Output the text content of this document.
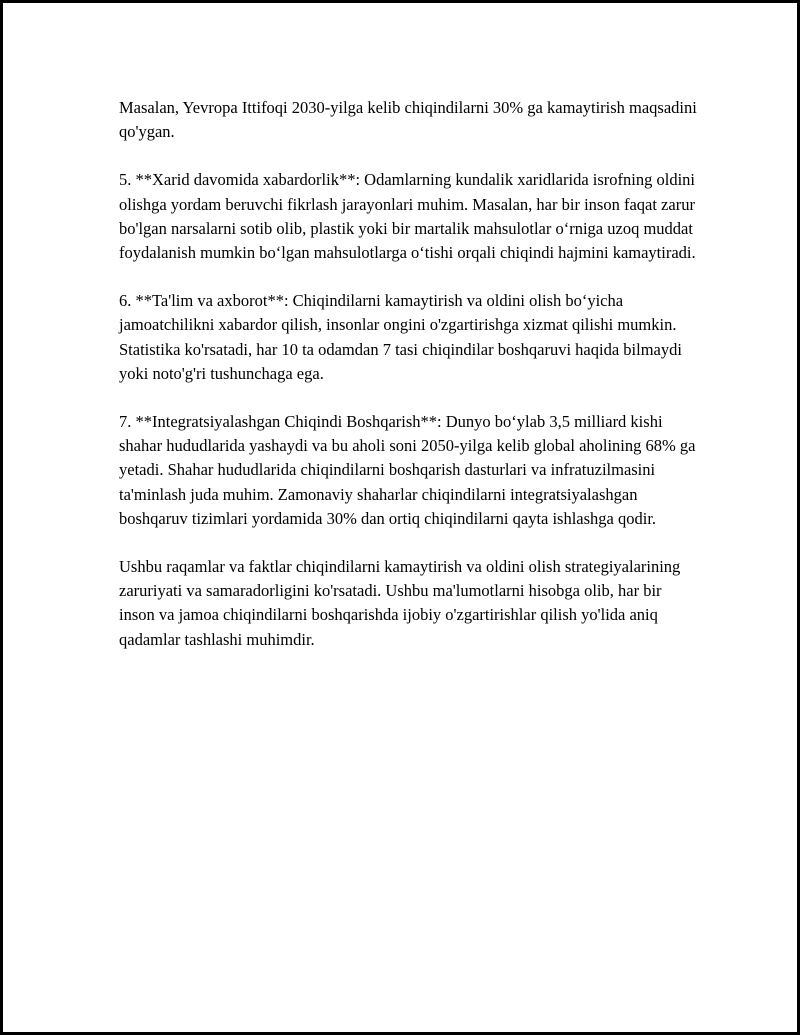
Masalan, Yevropa Ittifoqi 2030-yilga kelib chiqindilarni 30% ga kamaytirish maqsadini qo'ygan.

5. **Xarid davomida xabardorlik**: Odamlarning kundalik xaridlarida isrofning oldini olishga yordam beruvchi fikrlash jarayonlari muhim. Masalan, har bir inson faqat zarur bo'lgan narsalarni sotib olib, plastik yoki bir martalik mahsulotlar o‘rniga uzoq muddat foydalanish mumkin bo‘lgan mahsulotlarga o‘tishi orqali chiqindi hajmini kamaytiradi.

6. **Ta'lim va axborot**: Chiqindilarni kamaytirish va oldini olish bo‘yicha jamoatchilikni xabardor qilish, insonlar ongini o'zgartirishga xizmat qilishi mumkin. Statistika ko'rsatadi, har 10 ta odamdan 7 tasi chiqindilar boshqaruvi haqida bilmaydi yoki noto'g'ri tushunchaga ega.

7. **Integratsiyalashgan Chiqindi Boshqarish**: Dunyo bo‘ylab 3,5 milliard kishi shahar hududlarida yashaydi va bu aholi soni 2050-yilga kelib global aholining 68% ga yetadi. Shahar hududlarida chiqindilarni boshqarish dasturlari va infratuzilmasini ta'minlash juda muhim. Zamonaviy shaharlar chiqindilarni integratsiyalashgan boshqaruv tizimlari yordamida 30% dan ortiq chiqindilarni qayta ishlashga qodir.

Ushbu raqamlar va faktlar chiqindilarni kamaytirish va oldini olish strategiyalarining zaruriyati va samaradorligini ko'rsatadi. Ushbu ma'lumotlarni hisobga olib, har bir inson va jamoa chiqindilarni boshqarishda ijobiy o'zgartirishlar qilish yo'lida aniq qadamlar tashlashi muhimdir.
